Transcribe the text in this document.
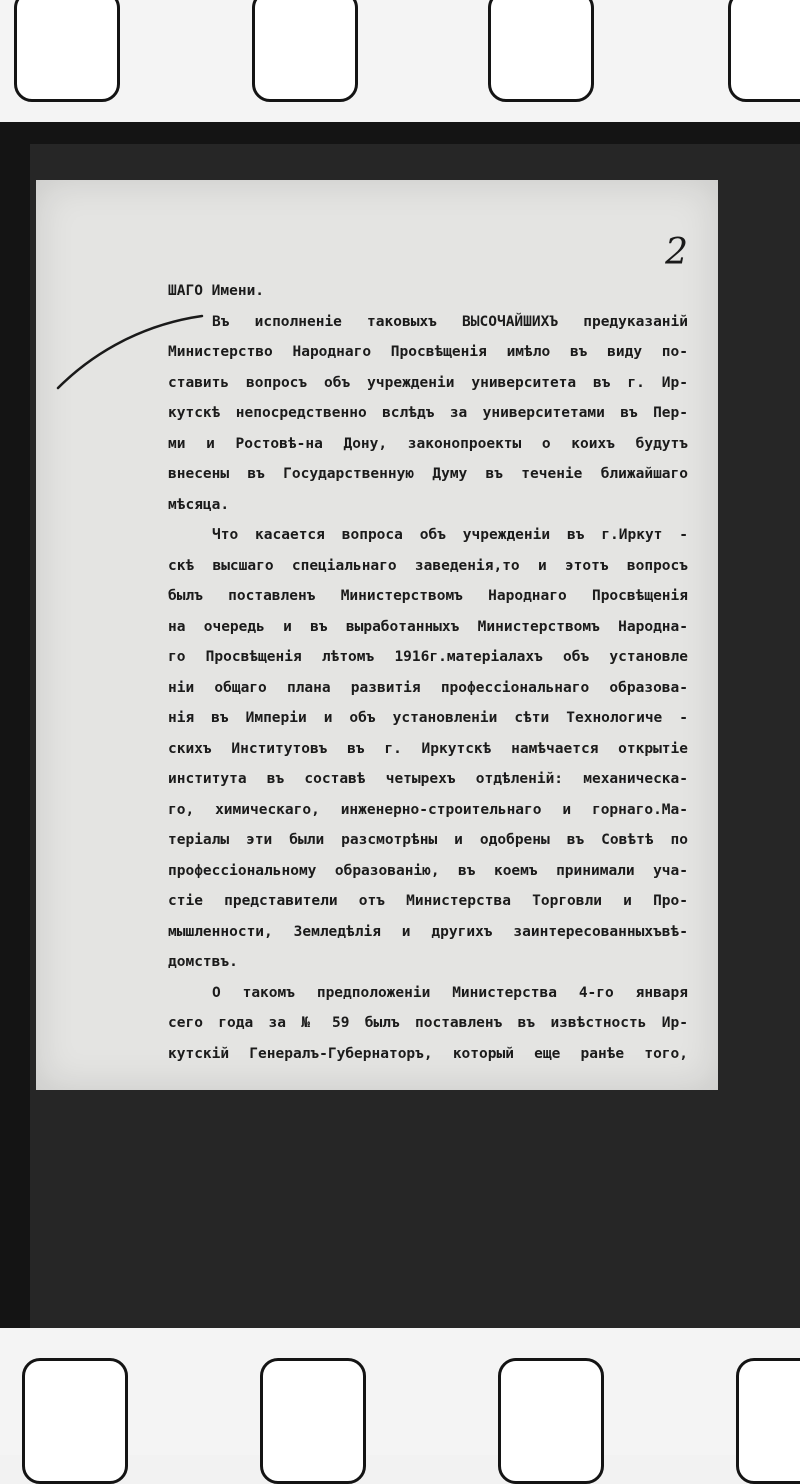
2
ШАГО Имени.
Въ исполненіе таковыхъ ВЫСОЧАЙШИХЪ предуказаній
Министерство Народнаго Просвѣщенія имѣло въ виду по-
ставить вопросъ объ учрежденіи университета въ г. Ир-
кутскѣ непосредственно вслѣдъ за университетами въ Пер-
ми и Ростовѣ-на Дону, законопроекты о коихъ будутъ
внесены въ Государственную Думу въ теченіе ближайшаго
мѣсяца.
Что касается вопроса объ учрежденіи въ г.Иркут -
скѣ высшаго спеціальнаго заведенія,то и этотъ вопросъ
былъ поставленъ Министерствомъ Народнаго Просвѣщенія
на очередь и въ выработанныхъ Министерствомъ Народна-
го Просвѣщенія лѣтомъ 1916г.матеріалахъ объ установле
ніи общаго плана развитія профессіональнаго образова-
нія въ Имперіи и объ установленіи сѣти Технологиче -
скихъ Институтовъ въ г. Иркутскѣ намѣчается открытіе
института въ составѣ четырехъ отдѣленій: механическа-
го, химическаго, инженерно-строительнаго и горнаго.Ма-
теріалы эти были разсмотрѣны и одобрены въ Совѣтѣ по
профессіональному образованію, въ коемъ принимали уча-
стіе представители отъ Министерства Торговли и Про-
мышленности, Земледѣлія и другихъ заинтересованныхъвѣ-
домствъ.
О такомъ предположеніи Министерства 4-го января
сего года за № 59 былъ поставленъ въ извѣстность Ир-
кутскій Генералъ-Губернаторъ, который еще ранѣе того,
